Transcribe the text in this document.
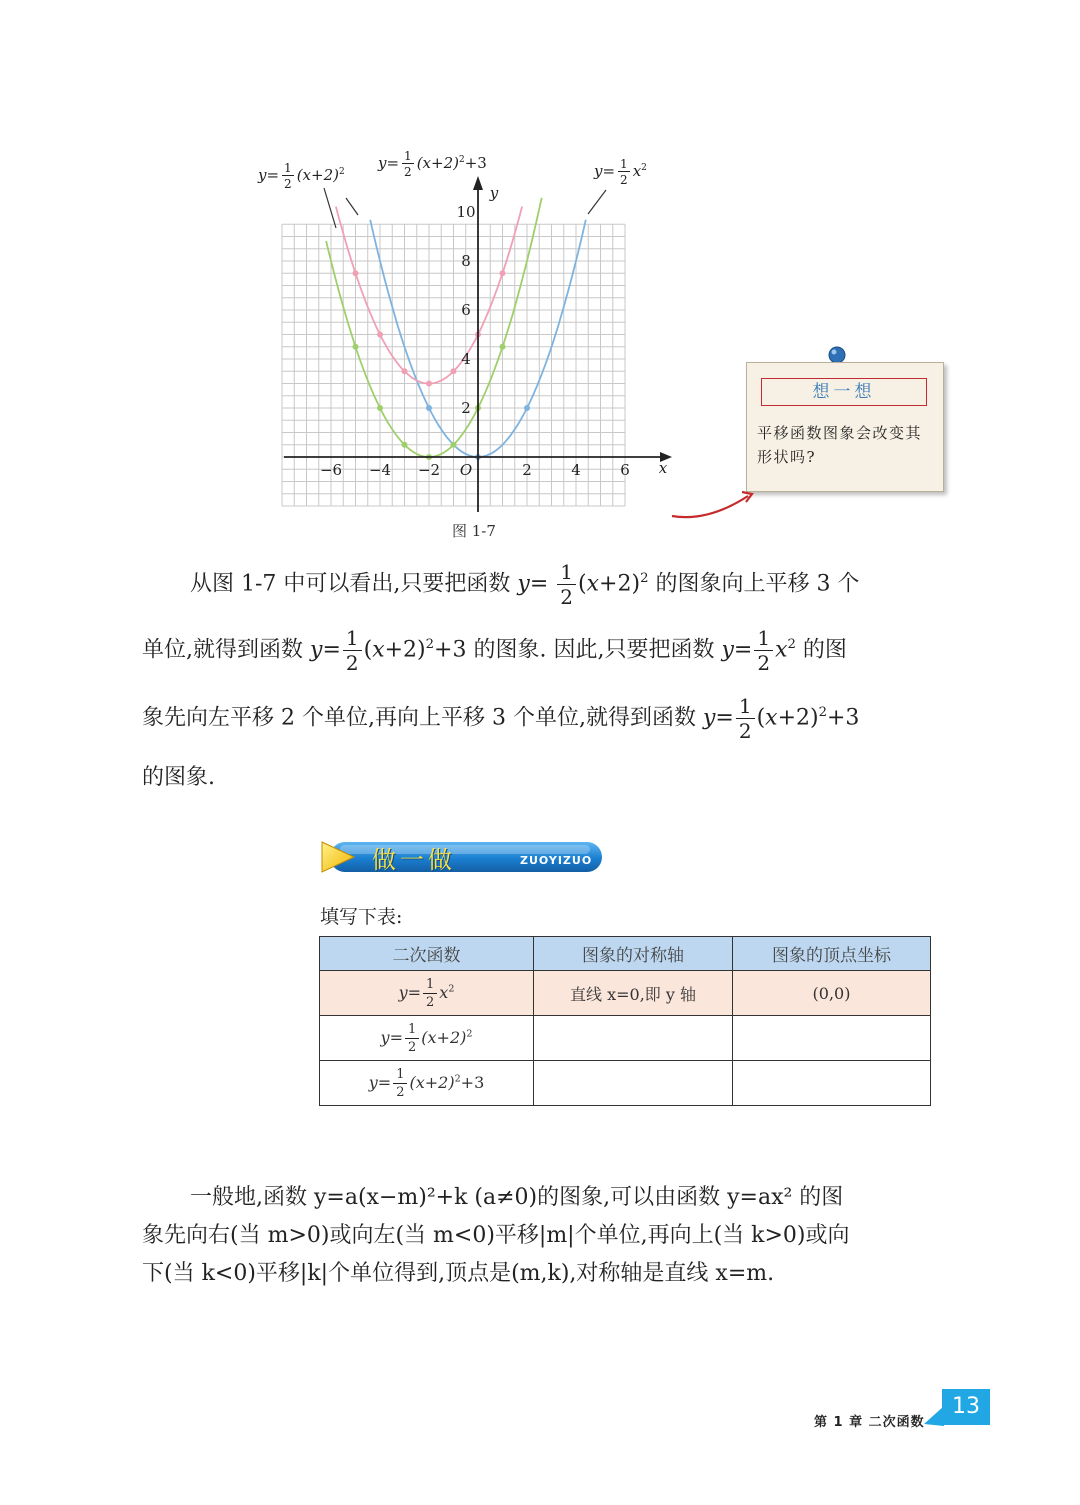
−6 −4 −2	2	4	6
2
4
6
8
10
O	x
y
$y= \frac{1}{2} (x+2)^2$ $y= \frac{1}{2} (x+2)^2+3$	$y= \frac{1}{2} x^2$
图 1-7
想一想
平移函数图象会改变其形状吗?
从图 1-7 中可以看出,只要把函数 $y= \frac{1}{2} (x+2)^2$ 的图象向上平移 3 个
单位,就得到函数 $y= \frac{1}{2} (x+2)^2+3$ 的图象. 因此,只要把函数 $y= \frac{1}{2} x^2$ 的图
象先向左平移 2 个单位,再向上平移 3 个单位,就得到函数 $y= \frac{1}{2} (x+2)^2+3$
的图象.
做一做	ZUOYIZUO
填写下表:
二次函数	图象的对称轴	图象的顶点坐标
$y= \frac{1}{2} x^2$	直线 x=0,即 y 轴	(0,0)
$y= \frac{1}{2} (x+2)^2$		
$y= \frac{1}{2} (x+2)^2+3$		
一般地,函数 y=a(x−m)²+k (a≠0)的图象,可以由函数 y=ax² 的图
象先向右(当 m>0)或向左(当 m<0)平移|m|个单位,再向上(当 k>0)或向
下(当 k<0)平移|k|个单位得到,顶点是(m,k),对称轴是直线 x=m.
第 1 章 二次函数
13
